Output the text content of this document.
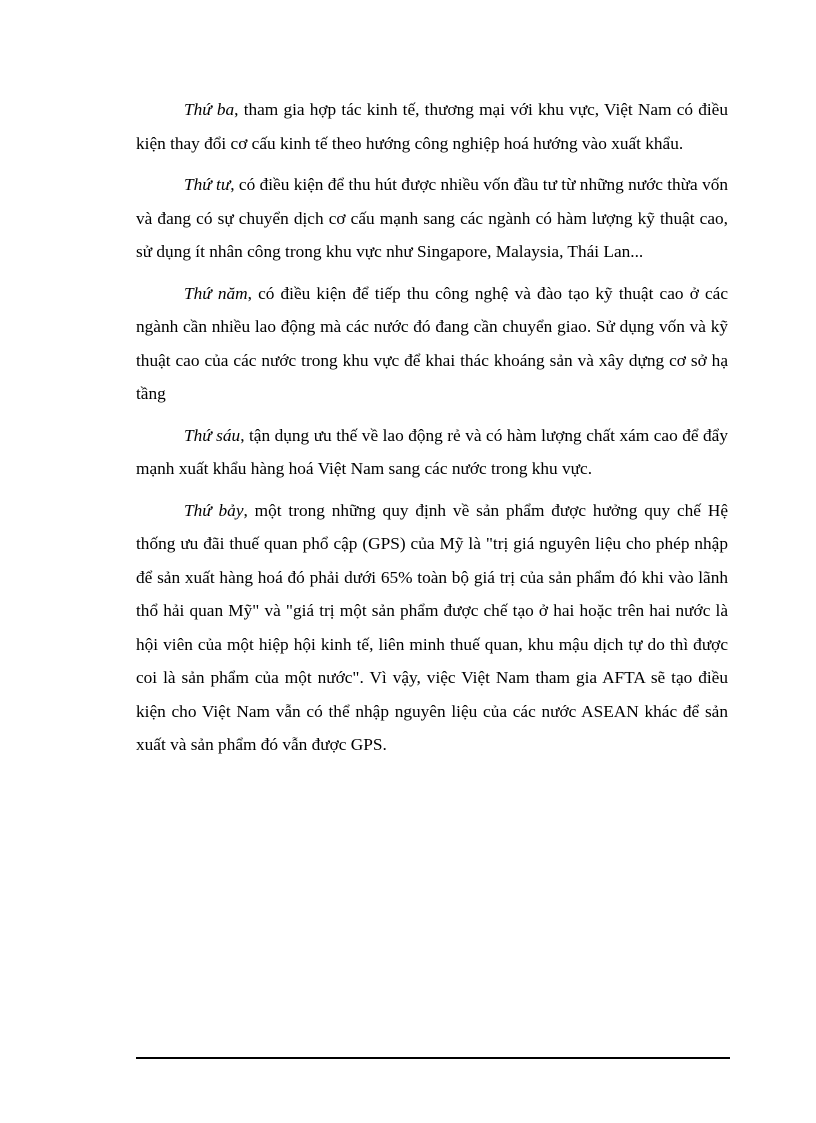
Thứ ba, tham gia hợp tác kinh tế, thương mại với khu vực, Việt Nam có điều kiện thay đổi cơ cấu kinh tế theo hướng công nghiệp hoá hướng vào xuất khẩu.

Thứ tư, có điều kiện để thu hút được nhiều vốn đầu tư từ những nước thừa vốn và đang có sự chuyển dịch cơ cấu mạnh sang các ngành có hàm lượng kỹ thuật cao, sử dụng ít nhân công trong khu vực như Singapore, Malaysia, Thái Lan...

Thứ năm, có điều kiện để tiếp thu công nghệ và đào tạo kỹ thuật cao ở các ngành cần nhiều lao động mà các nước đó đang cần chuyển giao. Sử dụng vốn và kỹ thuật cao của các nước trong khu vực để khai thác khoáng sản và xây dựng cơ sở hạ tầng

Thứ sáu, tận dụng ưu thế về lao động rẻ và có hàm lượng chất xám cao để đẩy mạnh xuất khẩu hàng hoá Việt Nam sang các nước trong khu vực.

Thứ bảy, một trong những quy định về sản phẩm được hưởng quy chế Hệ thống ưu đãi thuế quan phổ cập (GPS) của Mỹ là "trị giá nguyên liệu cho phép nhập để sản xuất hàng hoá đó phải dưới 65% toàn bộ giá trị của sản phẩm đó khi vào lãnh thổ hải quan Mỹ" và "giá trị một sản phẩm được chế tạo ở hai hoặc trên hai nước là hội viên của một hiệp hội kinh tế, liên minh thuế quan, khu mậu dịch tự do thì được coi là sản phẩm của một nước". Vì vậy, việc Việt Nam tham gia AFTA sẽ tạo điều kiện cho Việt Nam vẫn có thể nhập nguyên liệu của các nước ASEAN khác để sản xuất và sản phẩm đó vẫn được GPS.
